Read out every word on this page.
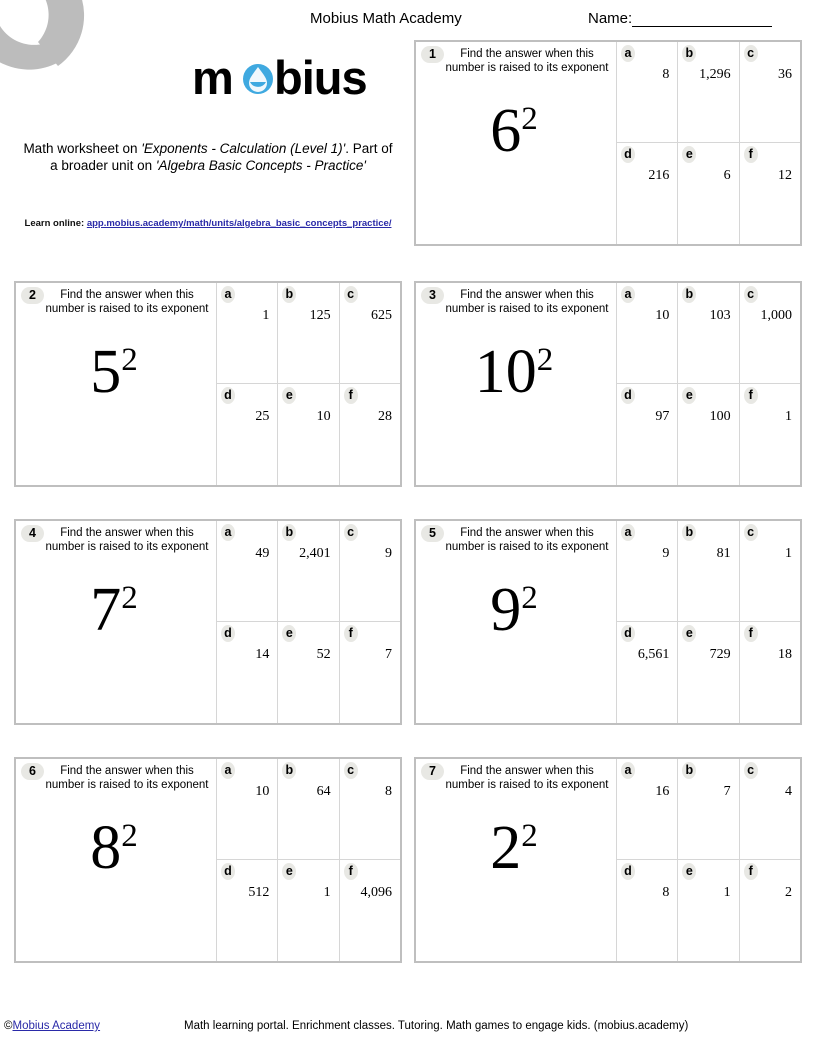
Mobius Math Academy	Name:
m bius
Math worksheet on 'Exponents - Calculation (Level 1)'. Part of a broader unit on 'Algebra Basic Concepts - Practice'
Learn online: app.mobius.academy/math/units/algebra_basic_concepts_practice/
1	Find the answer when this number is raised to its exponent
62
a
8
b
1,296
c
36
d
216
e
6
f
12
2	Find the answer when this number is raised to its exponent
52
a
1
b
125
c
625
d
25
e
10
f
28
3	Find the answer when this number is raised to its exponent
102
a
10
b
103
c
1,000
d
97
e
100
f
1
4	Find the answer when this number is raised to its exponent
72
a
49
b
2,401
c
9
d
14
e
52
f
7
5	Find the answer when this number is raised to its exponent
92
a
9
b
81
c
1
d
6,561
e
729
f
18
6	Find the answer when this number is raised to its exponent
82
a
10
b
64
c
8
d
512
e
1
f
4,096
7	Find the answer when this number is raised to its exponent
22
a
16
b
7
c
4
d
8
e
1
f
2
©Mobius Academy	Math learning portal. Enrichment classes. Tutoring. Math games to engage kids. (mobius.academy)
